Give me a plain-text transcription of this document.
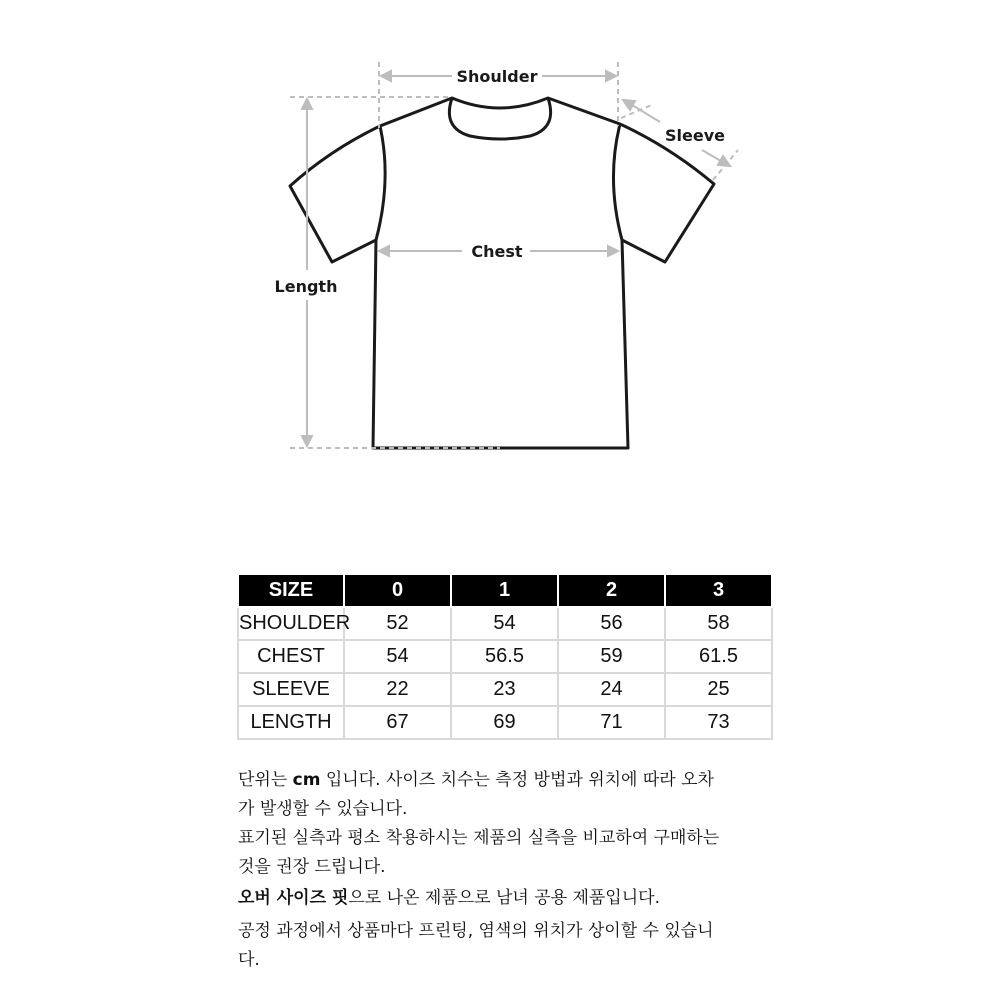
Shoulder
Sleeve
Chest
Length
SIZE	0	1	2	3
SHOULDER	52	54	56	58
CHEST	54	56.5	59	61.5
SLEEVE	22	23	24	25
LENGTH	67	69	71	73

단위는 cm 입니다. 사이즈 치수는 측정 방법과 위치에 따라 오차
가 발생할 수 있습니다.

표기된 실측과 평소 착용하시는 제품의 실측을 비교하여 구매하는
것을 권장 드립니다.

오버 사이즈 핏으로 나온 제품으로 남녀 공용 제품입니다.

공정 과정에서 상품마다 프린팅, 염색의 위치가 상이할 수 있습니
다.
